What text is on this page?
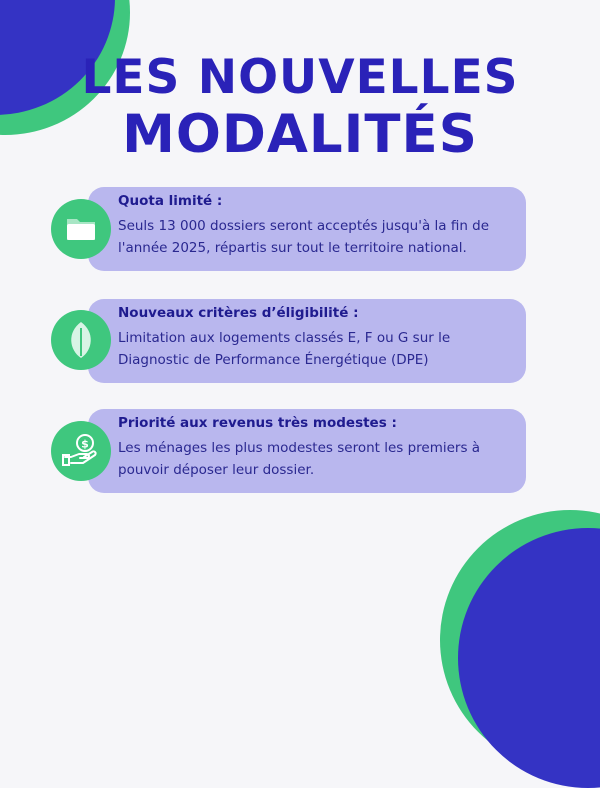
LES NOUVELLES
MODALITÉS
Quota limité :
Seuls 13 000 dossiers seront acceptés jusqu'à la fin de l'année 2025, répartis sur tout le territoire national.
Nouveaux critères d’éligibilité :
Limitation aux logements classés E, F ou G sur le Diagnostic de Performance Énergétique (DPE)
Priorité aux revenus très modestes :
Les ménages les plus modestes seront les premiers à pouvoir déposer leur dossier.
$
